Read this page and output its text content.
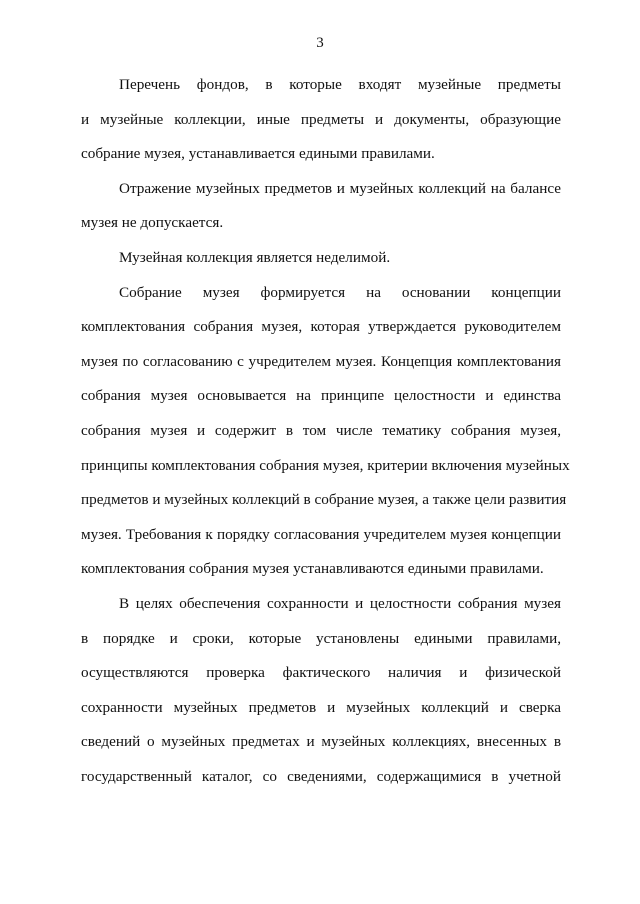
3

Перечень фондов, в которые входят музейные предметы
и музейные коллекции, иные предметы и документы, образующие
собрание музея, устанавливается едиными правилами.

Отражение музейных предметов и музейных коллекций на балансе
музея не допускается.

Музейная коллекция является неделимой.

Собрание музея формируется на основании концепции
комплектования собрания музея, которая утверждается руководителем
музея по согласованию с учредителем музея. Концепция комплектования
собрания музея основывается на принципе целостности и единства
собрания музея и содержит в том числе тематику собрания музея,
принципы комплектования собрания музея, критерии включения музейных
предметов и музейных коллекций в собрание музея, а также цели развития
музея. Требования к порядку согласования учредителем музея концепции
комплектования собрания музея устанавливаются едиными правилами.

В целях обеспечения сохранности и целостности собрания музея
в порядке и сроки, которые установлены едиными правилами,
осуществляются проверка фактического наличия и физической
сохранности музейных предметов и музейных коллекций и сверка
сведений о музейных предметах и музейных коллекциях, внесенных в
государственный каталог, со сведениями, содержащимися в учетной
